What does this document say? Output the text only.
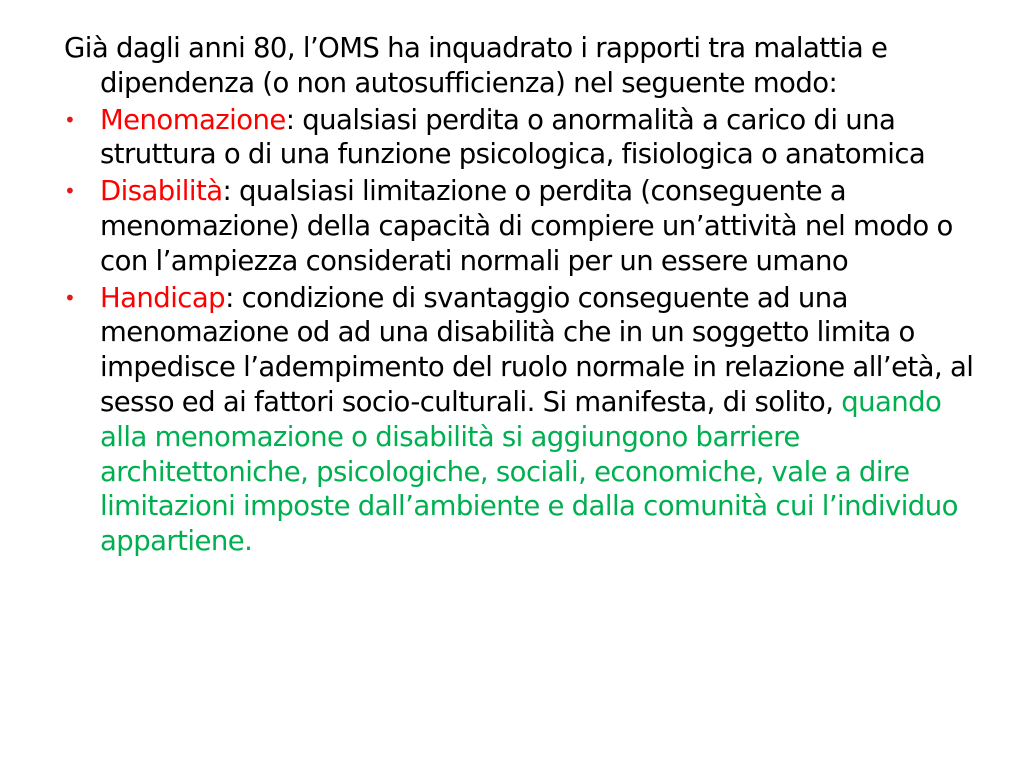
Già dagli anni 80, l’OMS ha inquadrato i rapporti tra malattia e dipendenza (o non autosufficienza) nel seguente modo:

• Menomazione: qualsiasi perdita o anormalità a carico di una struttura o di una funzione psicologica, fisiologica o anatomica
• Disabilità: qualsiasi limitazione o perdita (conseguente a menomazione) della capacità di compiere un’attività nel modo o con l’ampiezza considerati normali per un essere umano
• Handicap: condizione di svantaggio conseguente ad una menomazione od ad una disabilità che in un soggetto limita o impedisce l’adempimento del ruolo normale in relazione all’età, al sesso ed ai fattori socio-culturali. Si manifesta, di solito, quando alla menomazione o disabilità si aggiungono barriere architettoniche, psicologiche, sociali, economiche, vale a dire limitazioni imposte dall’ambiente e dalla comunità cui l’individuo appartiene.
